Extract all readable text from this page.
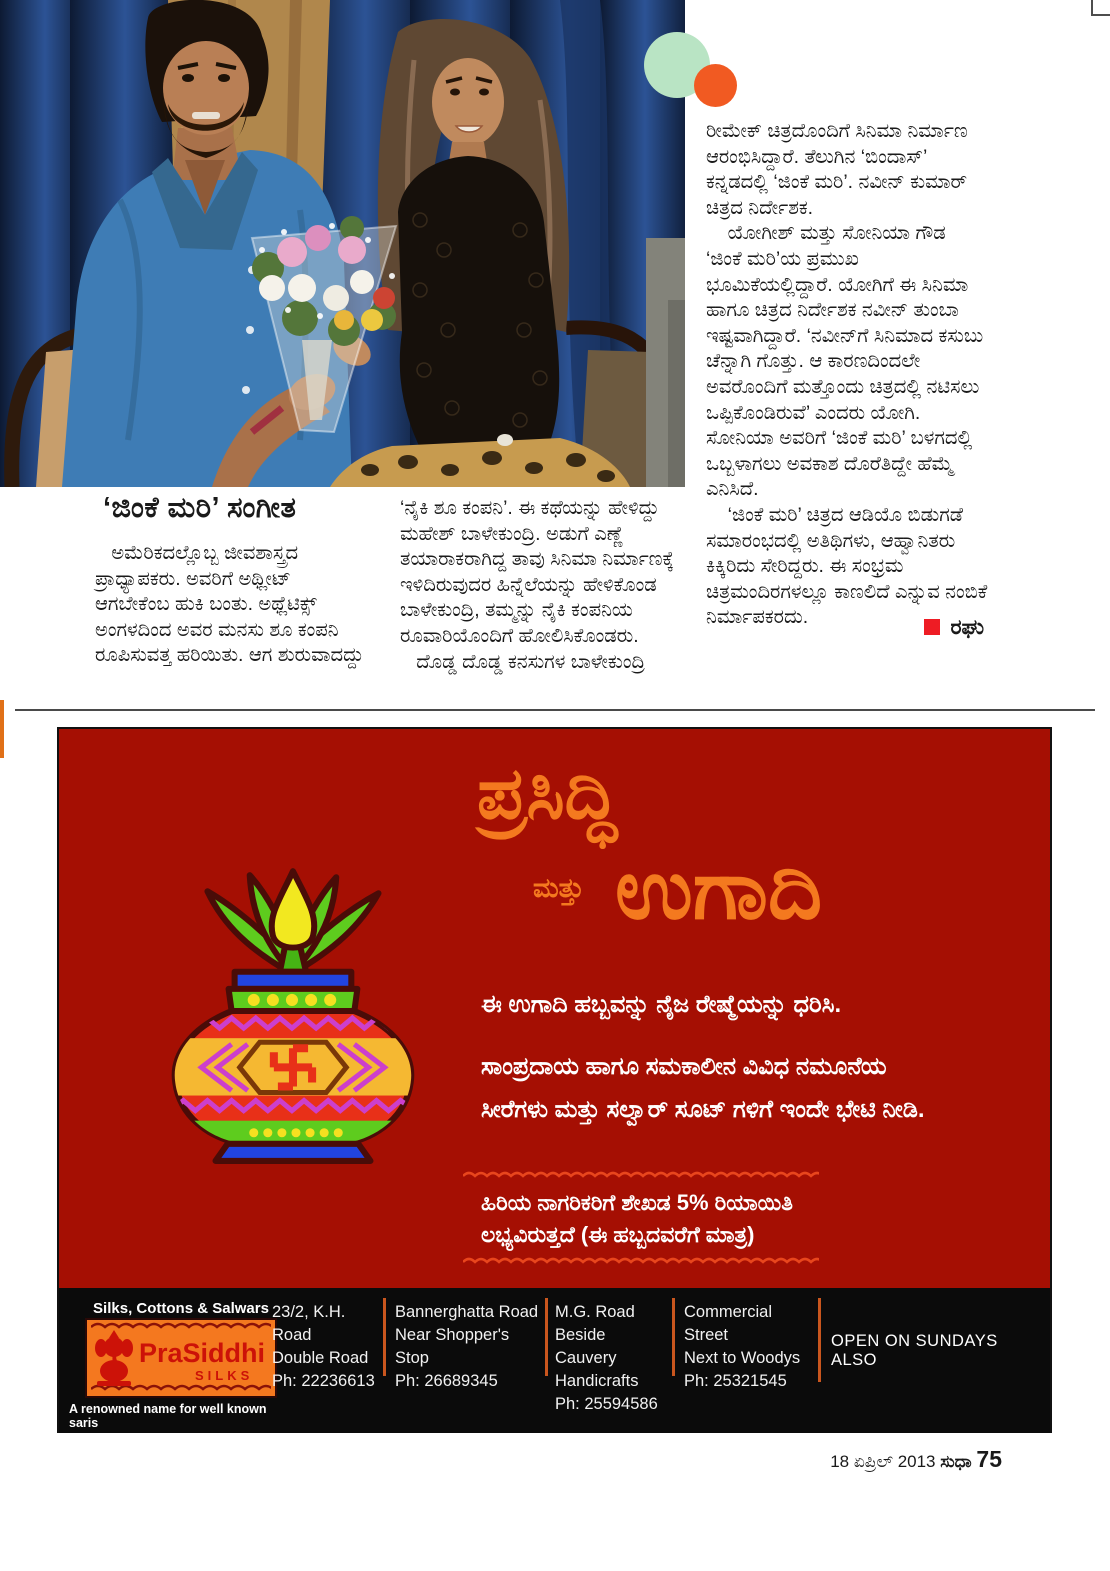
‘ಜಿಂಕೆ ಮರಿ’ ಸಂಗೀತ
ಅಮೆರಿಕದಲ್ಲೊಬ್ಬ ಜೀವಶಾಸ್ತ್ರದ
ಪ್ರಾಧ್ಯಾಪಕರು. ಅವರಿಗೆ ಅಥ್ಲೀಟ್
ಆಗಬೇಕೆಂಬ ಹುಕಿ ಬಂತು. ಅಥ್ಲೆಟಿಕ್ಸ್
ಅಂಗಳದಿಂದ ಅವರ ಮನಸು ಶೂ ಕಂಪನಿ
ರೂಪಿಸುವತ್ತ ಹರಿಯಿತು. ಆಗ ಶುರುವಾದದ್ದು
‘ನೈಕಿ ಶೂ ಕಂಪನಿ’. ಈ ಕಥೆಯನ್ನು ಹೇಳಿದ್ದು
ಮಹೇಶ್ ಬಾಳೇಕುಂದ್ರಿ. ಅಡುಗೆ ಎಣ್ಣೆ
ತಯಾರಾಕರಾಗಿದ್ದ ತಾವು ಸಿನಿಮಾ ನಿರ್ಮಾಣಕ್ಕೆ
ಇಳಿದಿರುವುದರ ಹಿನ್ನೆಲೆಯನ್ನು ಹೇಳಿಕೊಂಡ
ಬಾಳೇಕುಂದ್ರಿ, ತಮ್ಮನ್ನು ನೈಕಿ ಕಂಪನಿಯ
ರೂವಾರಿಯೊಂದಿಗೆ ಹೋಲಿಸಿಕೊಂಡರು.
ದೊಡ್ಡ ದೊಡ್ಡ ಕನಸುಗಳ ಬಾಳೇಕುಂದ್ರಿ
ರೀಮೇಕ್ ಚಿತ್ರದೊಂದಿಗೆ ಸಿನಿಮಾ ನಿರ್ಮಾಣ
ಆರಂಭಿಸಿದ್ದಾರೆ. ತೆಲುಗಿನ ‘ಬಿಂದಾಸ್’
ಕನ್ನಡದಲ್ಲಿ ‘ಜಿಂಕೆ ಮರಿ’. ನವೀನ್ ಕುಮಾರ್
ಚಿತ್ರದ ನಿರ್ದೇಶಕ.
ಯೋಗೀಶ್ ಮತ್ತು ಸೋನಿಯಾ ಗೌಡ
‘ಜಿಂಕೆ ಮರಿ’ಯ ಪ್ರಮುಖ
ಭೂಮಿಕೆಯಲ್ಲಿದ್ದಾರೆ. ಯೋಗಿಗೆ ಈ ಸಿನಿಮಾ
ಹಾಗೂ ಚಿತ್ರದ ನಿರ್ದೇಶಕ ನವೀನ್ ತುಂಬಾ
ಇಷ್ಟವಾಗಿದ್ದಾರೆ. ‘ನವೀನ್‌ಗೆ ಸಿನಿಮಾದ ಕಸುಬು
ಚೆನ್ನಾಗಿ ಗೊತ್ತು. ಆ ಕಾರಣದಿಂದಲೇ
ಅವರೊಂದಿಗೆ ಮತ್ತೊಂದು ಚಿತ್ರದಲ್ಲಿ ನಟಿಸಲು
ಒಪ್ಪಿಕೊಂಡಿರುವೆ’ ಎಂದರು ಯೋಗಿ.
ಸೋನಿಯಾ ಅವರಿಗೆ ‘ಜಿಂಕೆ ಮರಿ’ ಬಳಗದಲ್ಲಿ
ಒಬ್ಬಳಾಗಲು ಅವಕಾಶ ದೊರೆತಿದ್ದೇ ಹೆಮ್ಮೆ
ಎನಿಸಿದೆ.
‘ಜಿಂಕೆ ಮರಿ’ ಚಿತ್ರದ ಆಡಿಯೊ ಬಿಡುಗಡೆ
ಸಮಾರಂಭದಲ್ಲಿ ಅತಿಥಿಗಳು, ಆಹ್ವಾನಿತರು
ಕಿಕ್ಕಿರಿದು ಸೇರಿದ್ದರು. ಈ ಸಂಭ್ರಮ
ಚಿತ್ರಮಂದಿರಗಳಲ್ಲೂ ಕಾಣಲಿದೆ ಎನ್ನುವ ನಂಬಿಕೆ
ನಿರ್ಮಾಪಕರದು.	ರಘು
ಪ್ರಸಿದ್ಧಿ
ಮತ್ತು ಉಗಾದಿ
ಈ ಉಗಾದಿ ಹಬ್ಬವನ್ನು ನೈಜ ರೇಷ್ಮೆಯನ್ನು ಧರಿಸಿ.
ಸಾಂಪ್ರದಾಯ ಹಾಗೂ ಸಮಕಾಲೀನ ವಿವಿಧ ನಮೂನೆಯ
ಸೀರೆಗಳು ಮತ್ತು ಸಲ್ವಾರ್ ಸೂಟ್ ಗಳಿಗೆ ಇಂದೇ ಭೇಟಿ ನೀಡಿ.
ಹಿರಿಯ ನಾಗರಿಕರಿಗೆ ಶೇಖಡ 5% ರಿಯಾಯಿತಿ
ಲಭ್ಯವಿರುತ್ತದೆ (ಈ ಹಬ್ಬದವರೆಗೆ ಮಾತ್ರ)
Silks, Cottons & Salwars
PraSiddhi
SILKS
A renowned name for well known saris
23/2, K.H. Road
Double Road
Ph: 22236613
Bannerghatta Road
Near Shopper's Stop
Ph: 26689345
M.G. Road
Beside Cauvery
Handicrafts
Ph: 25594586
Commercial Street
Next to Woodys
Ph: 25321545
OPEN ON SUNDAYS ALSO
18 ಏಪ್ರಿಲ್ 2013 ಸುಧಾ 75
